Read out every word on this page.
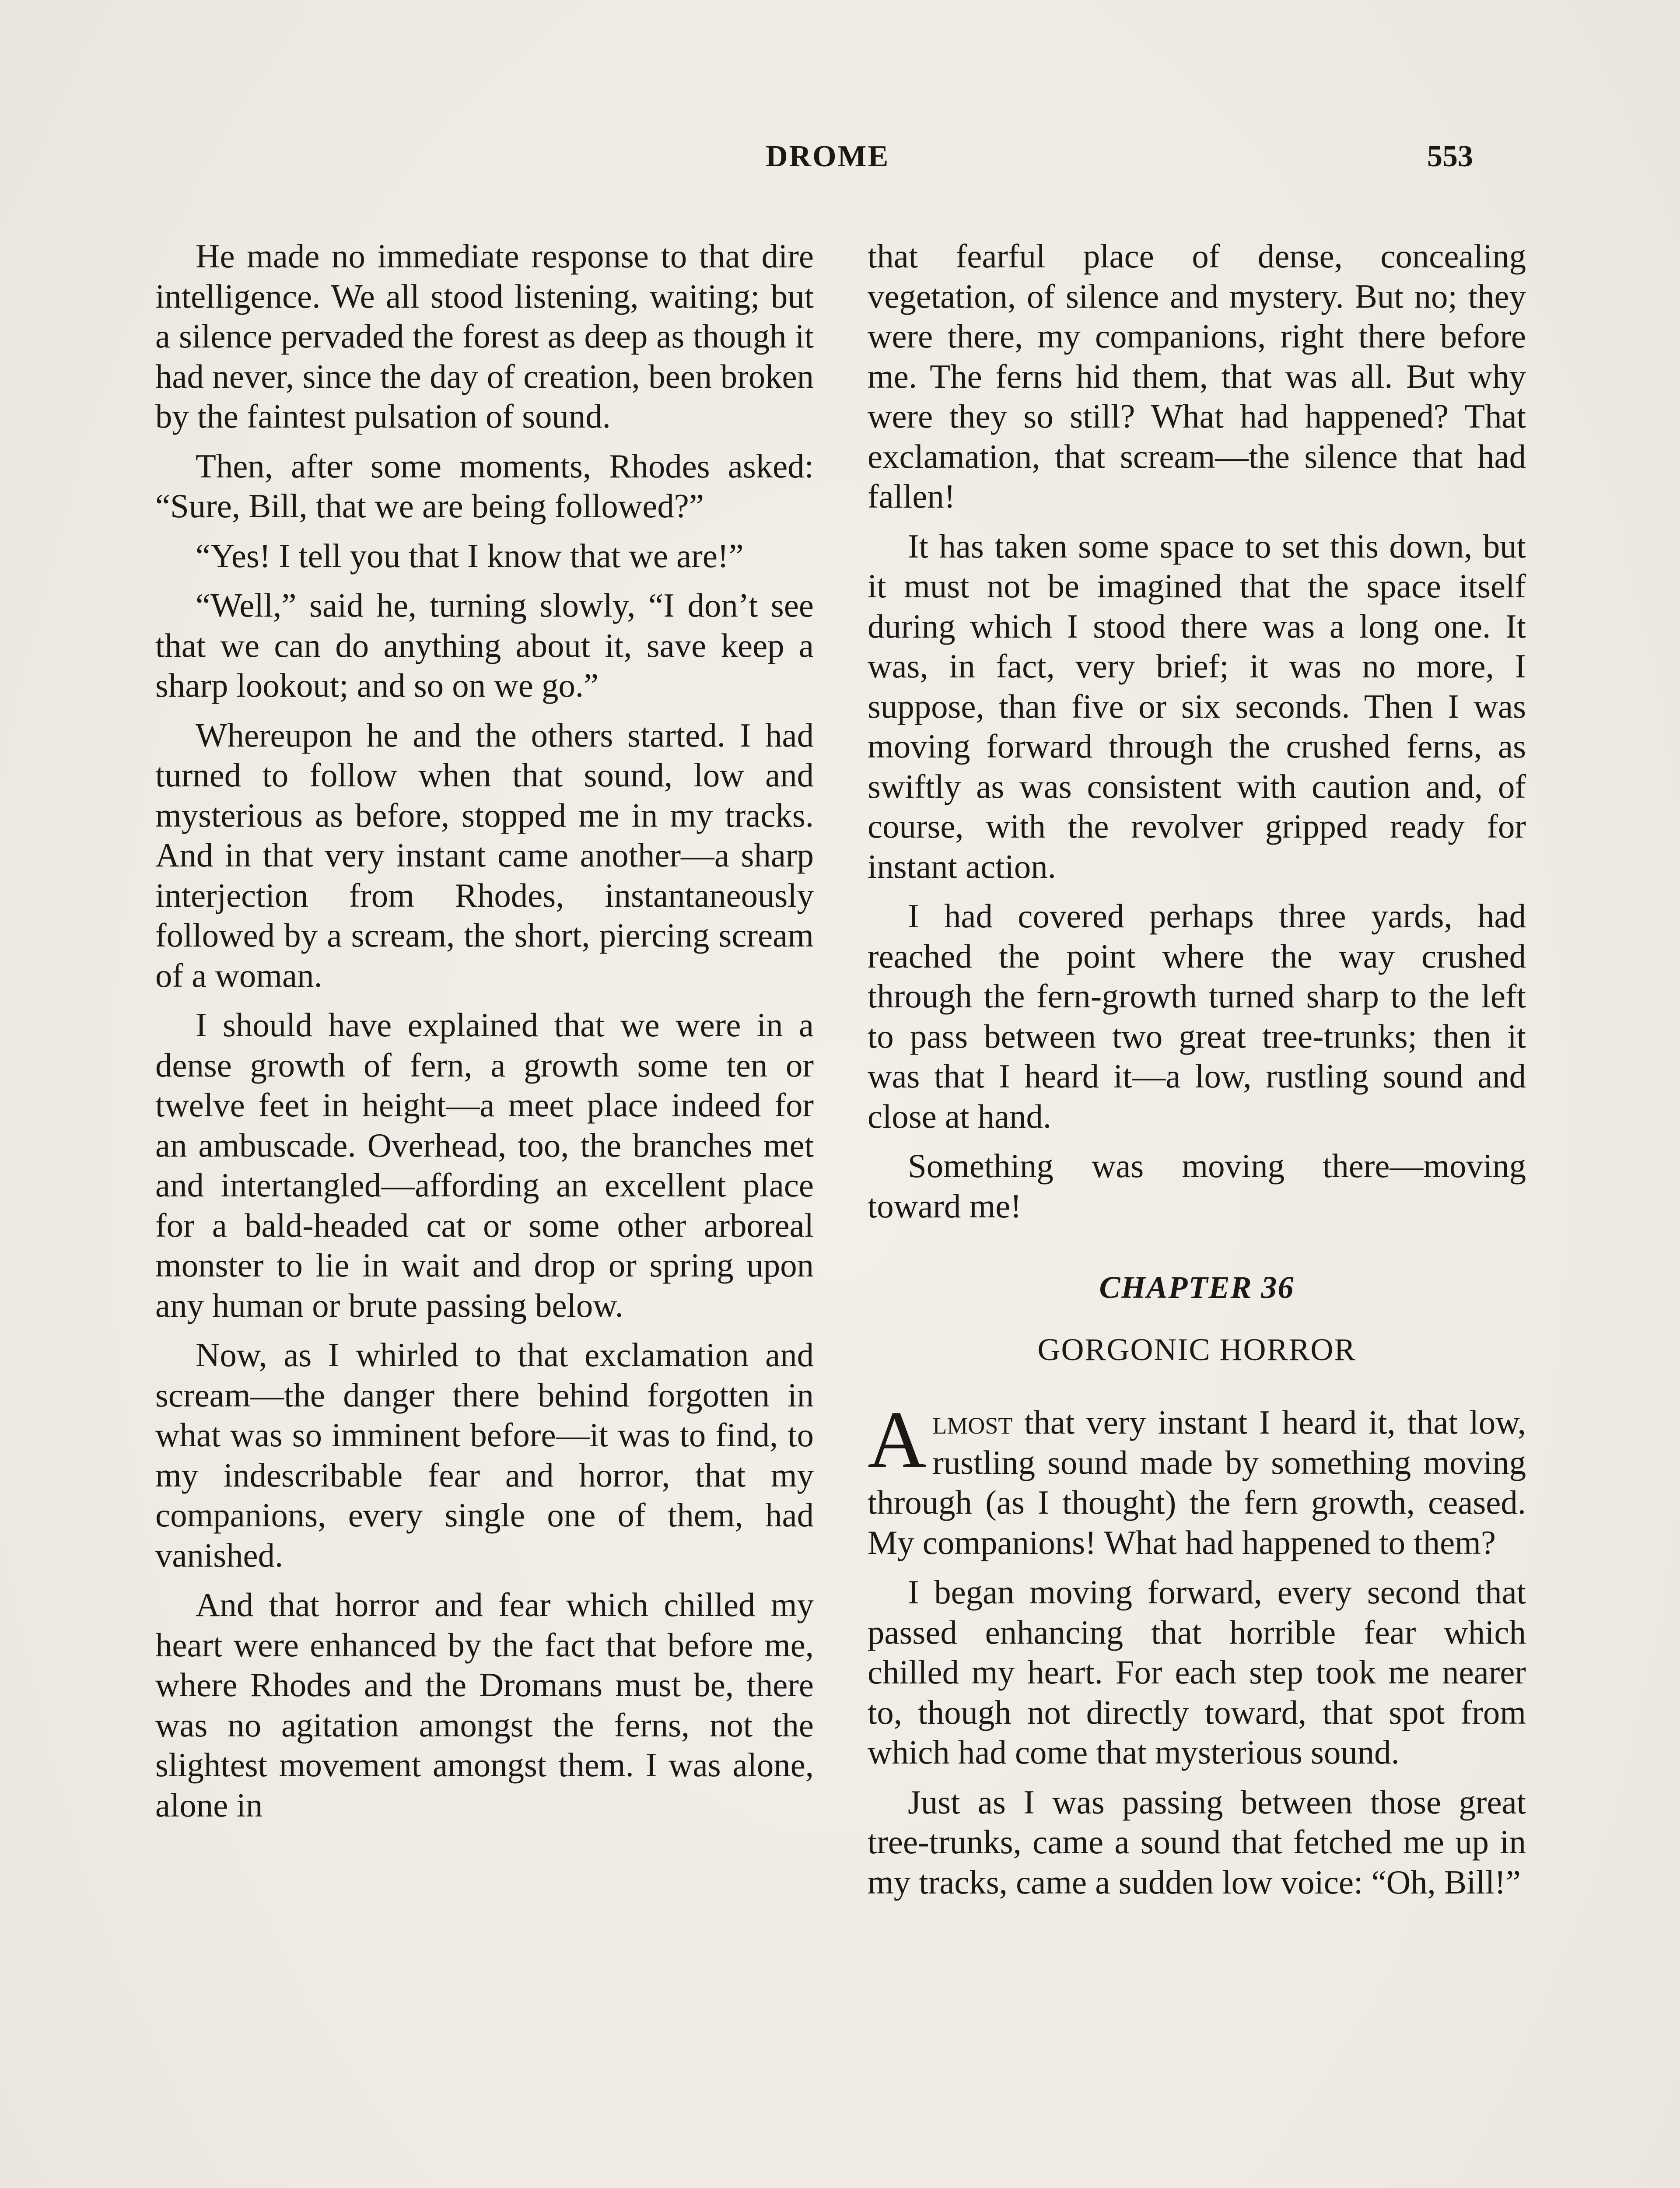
DROME	553

He made no immediate response to that dire intelligence. We all stood listening, waiting; but a silence pervaded the forest as deep as though it had never, since the day of creation, been broken by the faintest pulsation of sound.

Then, after some moments, Rhodes asked: “Sure, Bill, that we are being followed?”

“Yes! I tell you that I know that we are!”

“Well,” said he, turning slowly, “I don’t see that we can do anything about it, save keep a sharp lookout; and so on we go.”

Whereupon he and the others started. I had turned to follow when that sound, low and mysterious as before, stopped me in my tracks. And in that very instant came another—a sharp interjection from Rhodes, instantaneously followed by a scream, the short, piercing scream of a woman.

I should have explained that we were in a dense growth of fern, a growth some ten or twelve feet in height—a meet place indeed for an ambuscade. Overhead, too, the branches met and intertangled—affording an excellent place for a bald-headed cat or some other arboreal monster to lie in wait and drop or spring upon any human or brute passing below.

Now, as I whirled to that exclamation and scream—the danger there behind forgotten in what was so imminent before—it was to find, to my indescribable fear and horror, that my companions, every single one of them, had vanished.

And that horror and fear which chilled my heart were enhanced by the fact that before me, where Rhodes and the Dromans must be, there was no agitation amongst the ferns, not the slightest movement amongst them. I was alone, alone in

that fearful place of dense, concealing vegetation, of silence and mystery. But no; they were there, my companions, right there before me. The ferns hid them, that was all. But why were they so still? What had happened? That exclamation, that scream—the silence that had fallen!

It has taken some space to set this down, but it must not be imagined that the space itself during which I stood there was a long one. It was, in fact, very brief; it was no more, I suppose, than five or six seconds. Then I was moving forward through the crushed ferns, as swiftly as was consistent with caution and, of course, with the revolver gripped ready for instant action.

I had covered perhaps three yards, had reached the point where the way crushed through the fern-growth turned sharp to the left to pass between two great tree-trunks; then it was that I heard it—a low, rustling sound and close at hand.

Something was moving there—moving toward me!

CHAPTER 36
GORGONIC HORROR

Almost that very instant I heard it, that low, rustling sound made by something moving through (as I thought) the fern growth, ceased. My companions! What had happened to them?

I began moving forward, every second that passed enhancing that horrible fear which chilled my heart. For each step took me nearer to, though not directly toward, that spot from which had come that mysterious sound.

Just as I was passing between those great tree-trunks, came a sound that fetched me up in my tracks, came a sudden low voice: “Oh, Bill!”
